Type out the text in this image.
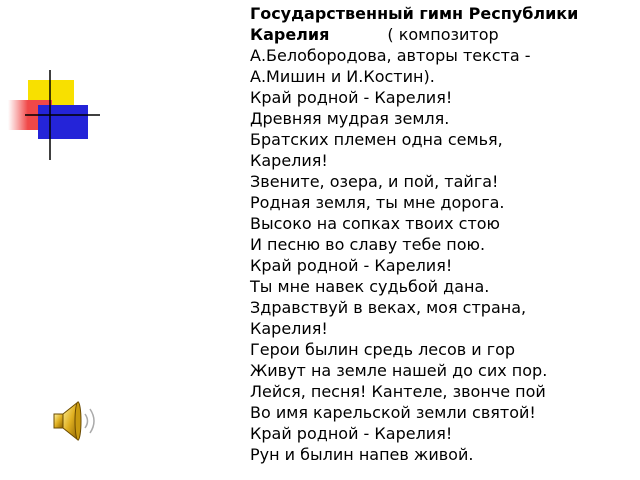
Государственный гимн Республики
Карелия	( композитор
А.Белобородова, авторы текста -
А.Мишин и И.Костин).
Край родной - Карелия!
Древняя мудрая земля.
Братских племен одна семья,
Карелия!
Звените, озера, и пой, тайга!
Родная земля, ты мне дорога.
Высоко на сопках твоих стою
И песню во славу тебе пою.
Край родной - Карелия!
Ты мне навек судьбой дана.
Здравствуй в веках, моя страна,
Карелия!
Герои былин средь лесов и гор
Живут на земле нашей до сих пор.
Лейся, песня! Кантеле, звонче пой
Во имя карельской земли святой!
Край родной - Карелия!
Рун и былин напев живой.
